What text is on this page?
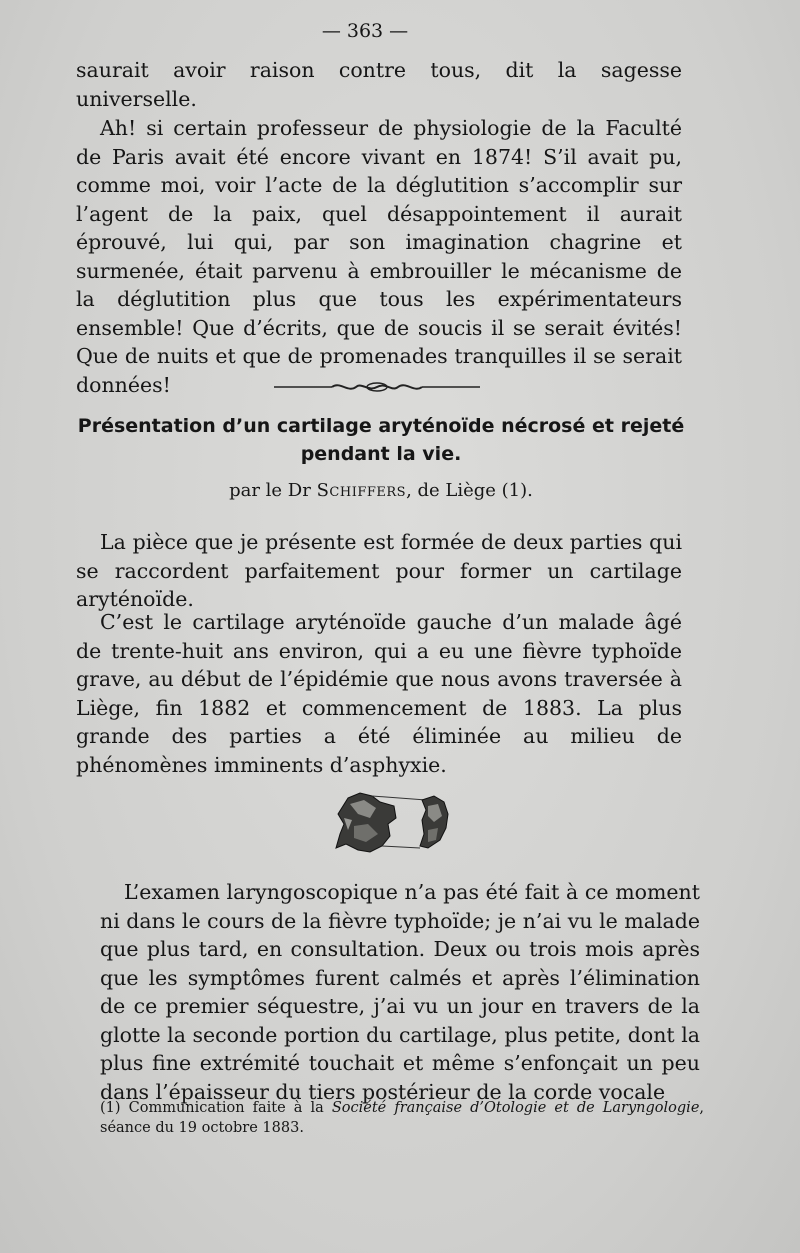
— 363 —

saurait avoir raison contre tous, dit la sagesse universelle.

Ah! si certain professeur de physiologie de la Faculté de Paris avait été encore vivant en 1874! S’il avait pu, comme moi, voir l’acte de la déglutition s’accomplir sur l’agent de la paix, quel désappointement il aurait éprouvé, lui qui, par son imagination chagrine et surmenée, était parvenu à embrouiller le mécanisme de la déglutition plus que tous les expérimentateurs ensemble! Que d’écrits, que de soucis il se serait évités! Que de nuits et que de promenades tranquilles il se serait données!

Présentation d’un cartilage aryténoïde nécrosé et rejeté pendant la vie.
par le Dr Schiffers, de Liège (1).

La pièce que je présente est formée de deux parties qui se raccordent parfaitement pour former un cartilage aryténoïde.

C’est le cartilage aryténoïde gauche d’un malade âgé de trente-huit ans environ, qui a eu une fièvre typhoïde grave, au début de l’épidémie que nous avons traversée à Liège, fin 1882 et commencement de 1883. La plus grande des parties a été éliminée au milieu de phénomènes imminents d’asphyxie.

L’examen laryngoscopique n’a pas été fait à ce moment ni dans le cours de la fièvre typhoïde; je n’ai vu le malade que plus tard, en consultation. Deux ou trois mois après que les symptômes furent calmés et après l’élimination de ce premier séquestre, j’ai vu un jour en travers de la glotte la seconde portion du cartilage, plus petite, dont la plus fine extrémité touchait et même s’enfonçait un peu dans l’épaisseur du tiers postérieur de la corde vocale

(1) Communication faite à la Société française d’Otologie et de Laryngologie, séance du 19 octobre 1883.
